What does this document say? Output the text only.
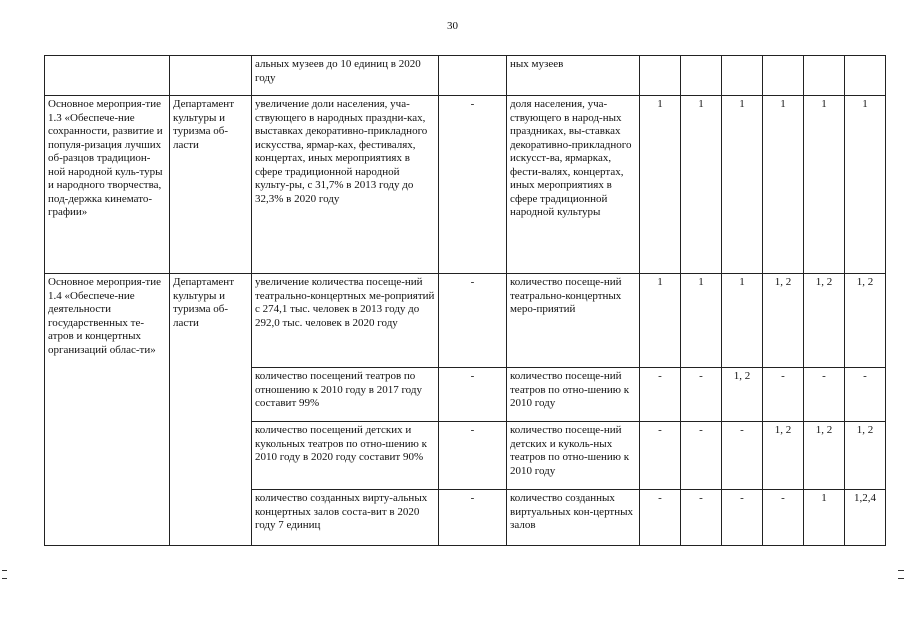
30
		альных музеев до 10 единиц в 2020 году		ных музеев						
Основное мероприя-тие 1.3 «Обеспече-ние сохранности, развитие и популя-ризация лучших об-разцов традицион-ной народной куль-туры и народного творчества, под-держка кинемато-графии»	Департамент культуры и туризма об-ласти	увеличение доли населения, уча-ствующего в народных праздни-ках, выставках декоративно-прикладного искусства, ярмар-ках, фестивалях, концертах, иных мероприятиях в сфере традиционной народной культу-ры, с 31,7% в 2013 году до 32,3% в 2020 году	-	доля населения, уча-ствующего в народ-ных праздниках, вы-ставках декоративно-прикладного искусст-ва, ярмарках, фести-валях, концертах, иных мероприятиях в сфере традиционной народной культуры	1	1	1	1	1	1
Основное мероприя-тие 1.4 «Обеспече-ние деятельности государственных те-атров и концертных организаций облас-ти»	Департамент культуры и туризма об-ласти	увеличение количества посеще-ний театрально-концертных ме-роприятий с 274,1 тыс. человек в 2013 году до 292,0 тыс. человек в 2020 году	-	количество посеще-ний театрально-концертных меро-приятий	1	1	1	1, 2	1, 2	1, 2
		количество посещений театров по отношению к 2010 году в 2017 году составит 99%	-	количество посеще-ний театров по отно-шению к 2010 году	-	-	1, 2	-	-	-
		количество посещений детских и кукольных театров по отно-шению к 2010 году в 2020 году составит 90%	-	количество посеще-ний детских и куколь-ных театров по отно-шению к 2010 году	-	-	-	1, 2	1, 2	1, 2
		количество созданных вирту-альных концертных залов состa-вит в 2020 году 7 единиц	-	количество созданных виртуальных кон-цертных залов	-	-	-	-	1	1,2,4
